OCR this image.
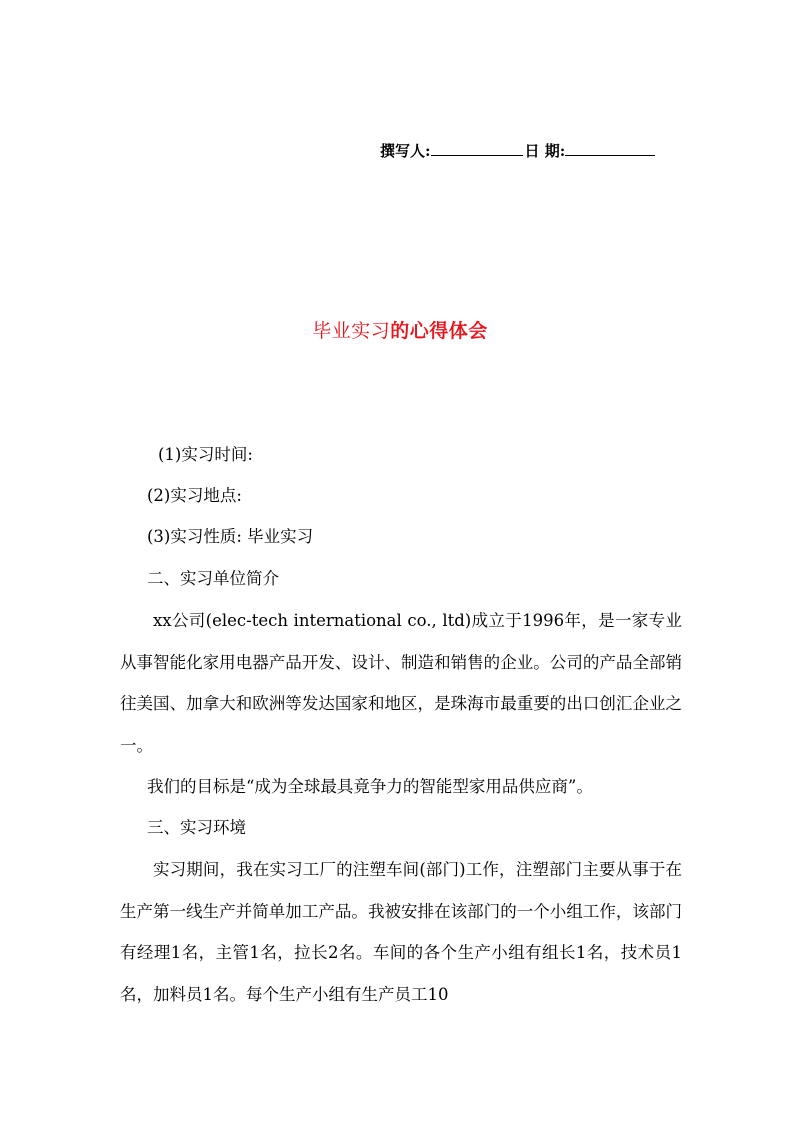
撰写人:	日 期:
毕业实习的心得体会
(1)实习时间:
(2)实习地点:
(3)实习性质: 毕业实习
二、实习单位简介
xx公司(elec-tech international co., ltd)成立于1996年，是一家专业从事智能化家用电器产品开发、设计、制造和销售的企业。公司的产品全部销往美国、加拿大和欧洲等发达国家和地区，是珠海市最重要的出口创汇企业之一。
我们的目标是“成为全球最具竟争力的智能型家用品供应商”。
三、实习环境
实习期间，我在实习工厂的注塑车间(部门)工作，注塑部门主要从事于在生产第一线生产并简单加工产品。我被安排在该部门的一个小组工作，该部门有经理1名，主管1名，拉长2名。车间的各个生产小组有组长1名，技术员1名，加料员1名。每个生产小组有生产员工10
